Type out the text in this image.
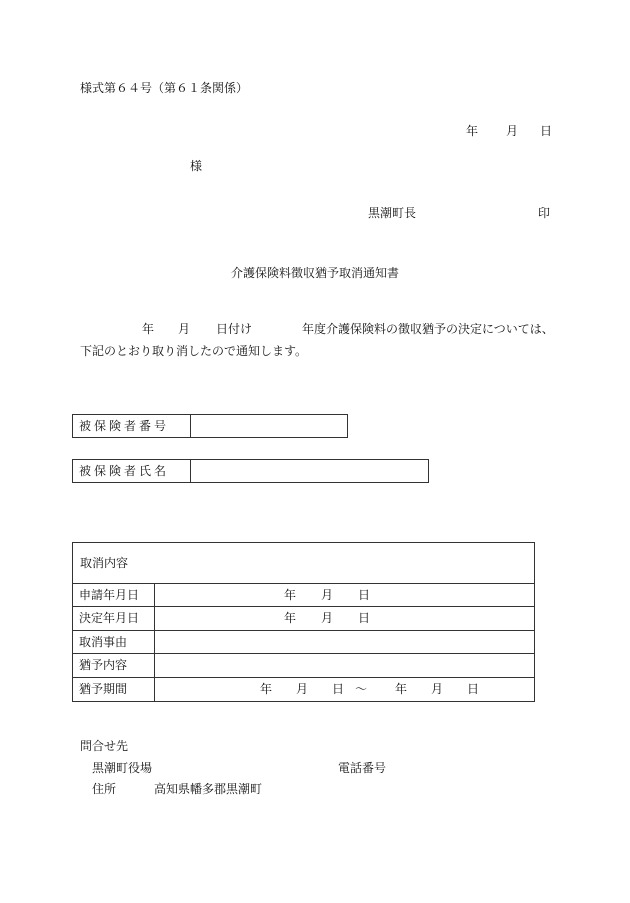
様式第６４号（第６１条関係）
年 月 日
様
黒潮町長	印
介護保険料徴収猶予取消通知書
年 月 日付け	年度介護保険料の徴収猶予の決定については、
下記のとおり取り消したので通知します。
被保険者番号
被保険者氏名
取消内容
申請年月日	年 月 日
決定年月日	年 月 日
取消事由
猶予内容
猶予期間	年 月 日 ～ 年 月 日
問合せ先
黒潮町役場	電話番号
住所	高知県幡多郡黒潮町
